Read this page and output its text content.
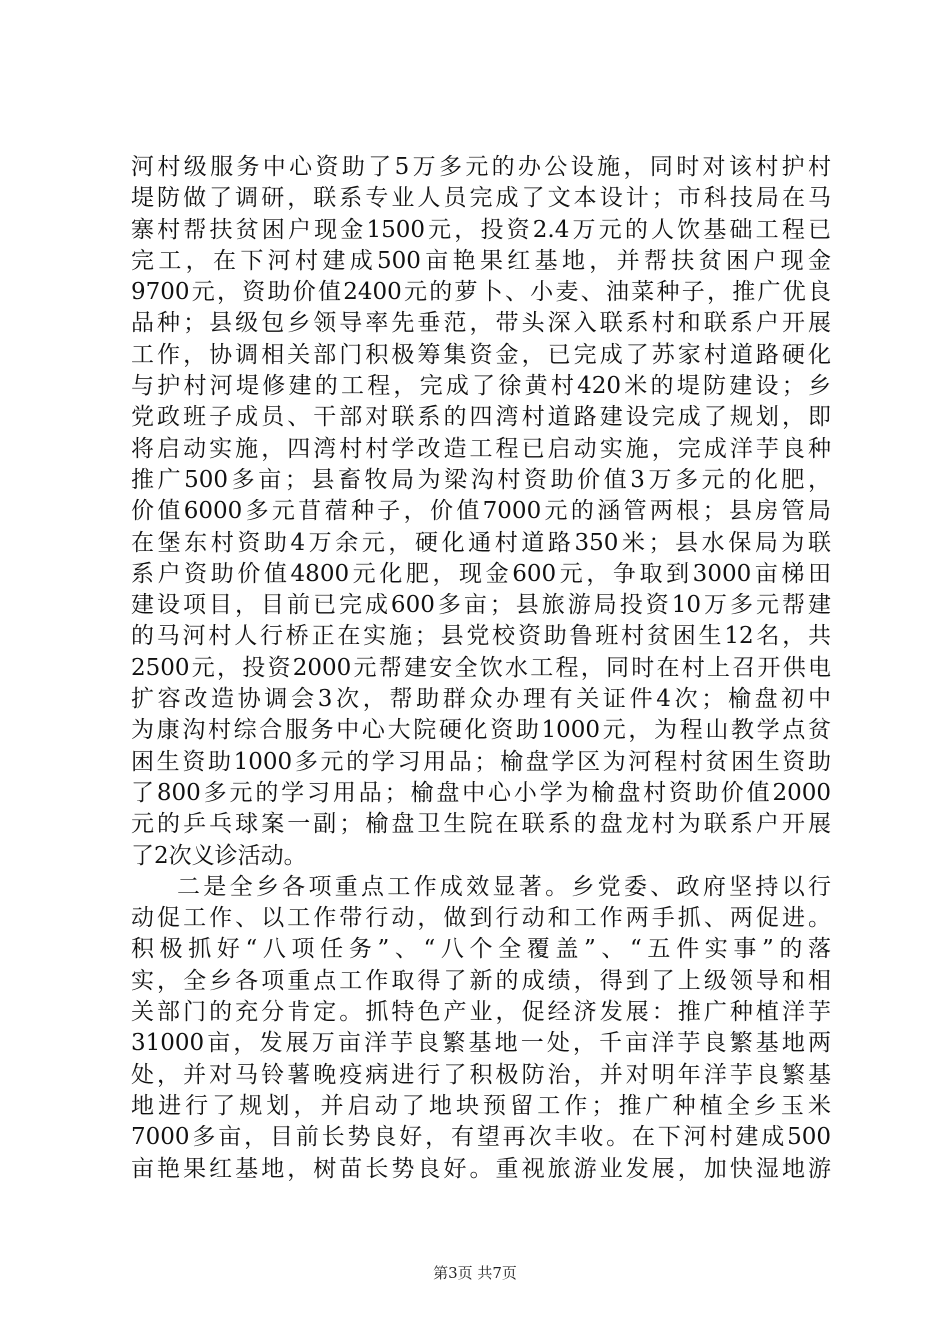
河村级服务中心资助了5万多元的办公设施，同时对该村护村
堤防做了调研，联系专业人员完成了文本设计；市科技局在马
寨村帮扶贫困户现金1500元，投资2.4万元的人饮基础工程已
完工，在下河村建成500亩艳果红基地，并帮扶贫困户现金
9700元，资助价值2400元的萝卜、小麦、油菜种子，推广优良
品种；县级包乡领导率先垂范，带头深入联系村和联系户开展
工作，协调相关部门积极筹集资金，已完成了苏家村道路硬化
与护村河堤修建的工程，完成了徐黄村420米的堤防建设；乡
党政班子成员、干部对联系的四湾村道路建设完成了规划，即
将启动实施，四湾村村学改造工程已启动实施，完成洋芋良种
推广500多亩；县畜牧局为梁沟村资助价值3万多元的化肥，
价值6000多元苜蓿种子，价值7000元的涵管两根；县房管局
在堡东村资助4万余元，硬化通村道路350米；县水保局为联
系户资助价值4800元化肥，现金600元，争取到3000亩梯田
建设项目，目前已完成600多亩；县旅游局投资10万多元帮建
的马河村人行桥正在实施；县党校资助鲁班村贫困生12名，共
2500元，投资2000元帮建安全饮水工程，同时在村上召开供电
扩容改造协调会3次，帮助群众办理有关证件4次；榆盘初中
为康沟村综合服务中心大院硬化资助1000元，为程山教学点贫
困生资助1000多元的学习用品；榆盘学区为河程村贫困生资助
了800多元的学习用品；榆盘中心小学为榆盘村资助价值2000
元的乒乓球案一副；榆盘卫生院在联系的盘龙村为联系户开展
了2次义诊活动。
二是全乡各项重点工作成效显著。乡党委、政府坚持以行
动促工作、以工作带行动，做到行动和工作两手抓、两促进。
积极抓好“八项任务”、“八个全覆盖”、“五件实事”的落
实，全乡各项重点工作取得了新的成绩，得到了上级领导和相
关部门的充分肯定。抓特色产业，促经济发展：推广种植洋芋
31000亩，发展万亩洋芋良繁基地一处，千亩洋芋良繁基地两
处，并对马铃薯晚疫病进行了积极防治，并对明年洋芋良繁基
地进行了规划，并启动了地块预留工作；推广种植全乡玉米
7000多亩，目前长势良好，有望再次丰收。在下河村建成500
亩艳果红基地，树苗长势良好。重视旅游业发展，加快湿地游
第3页 共7页
